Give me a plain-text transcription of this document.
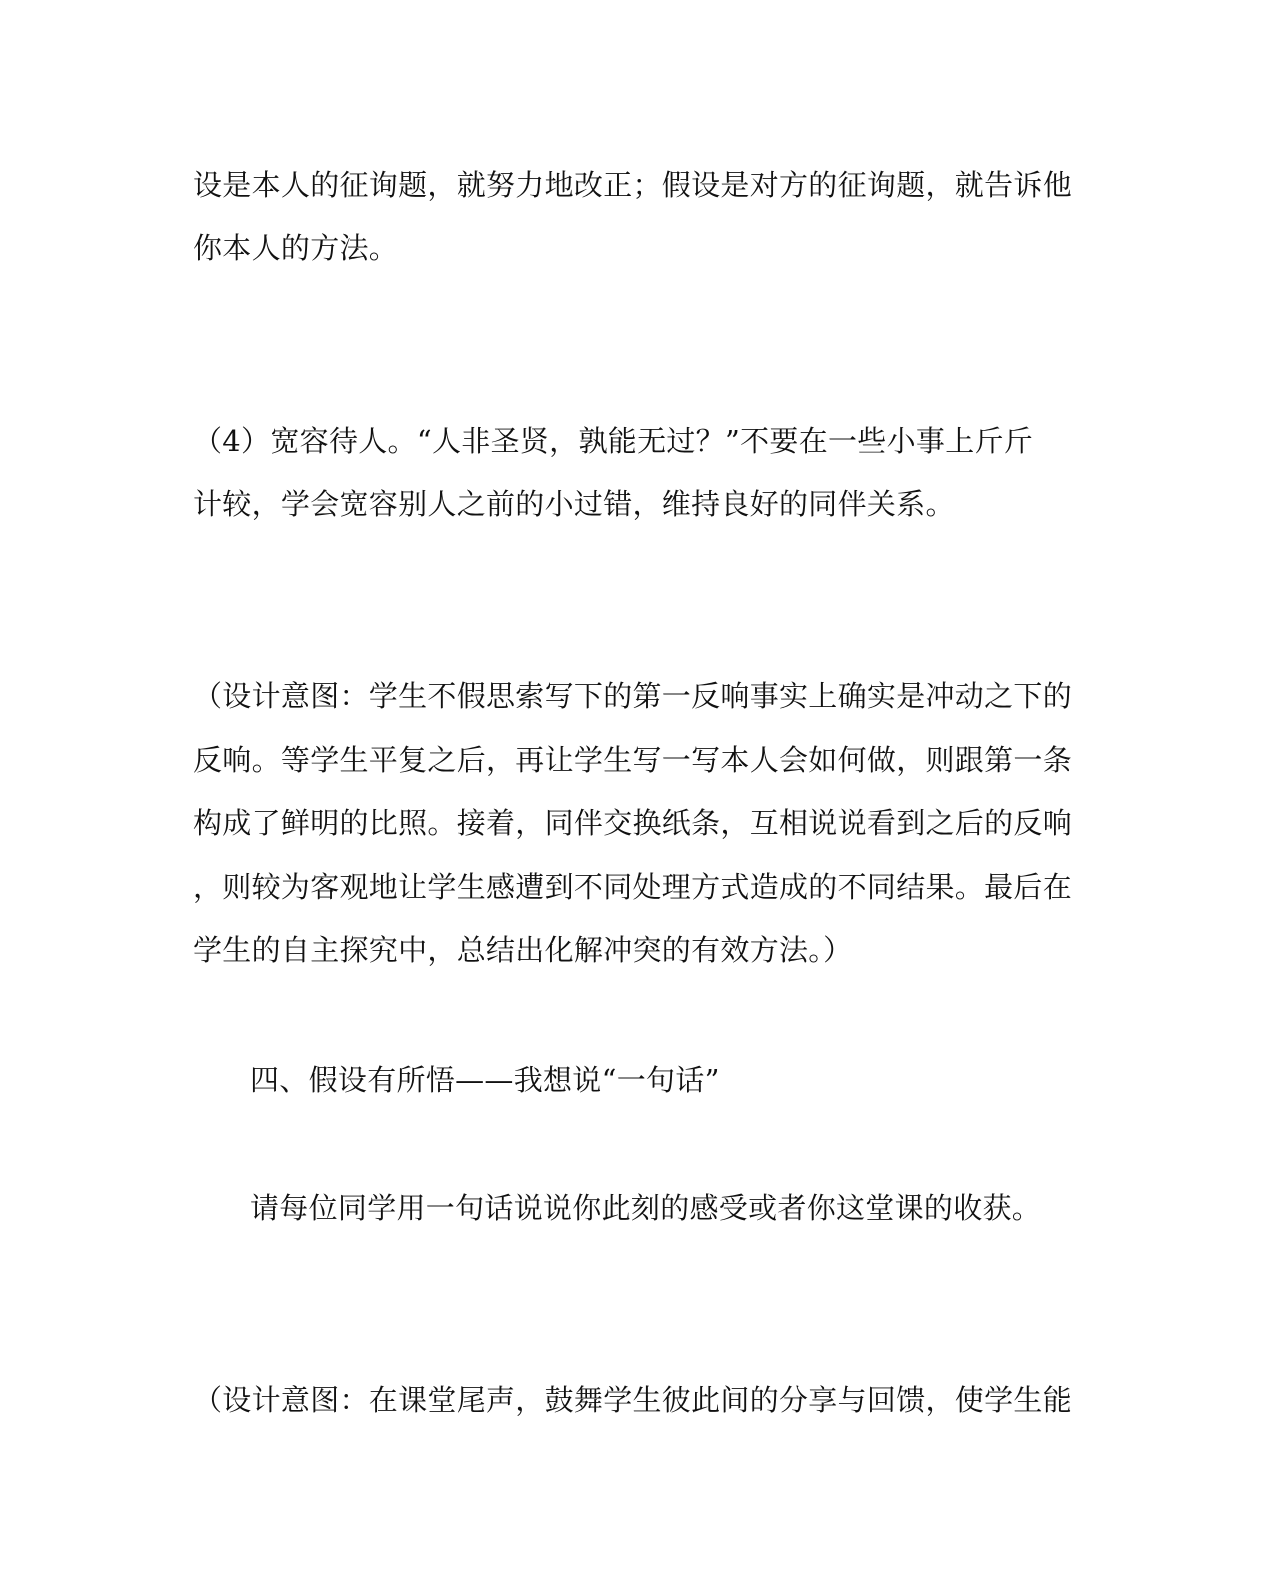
设是本人的征询题，就努力地改正；假设是对方的征询题，就告诉他
你本人的方法。
（4）宽容待人。“人非圣贤，孰能无过？”不要在一些小事上斤斤
计较，学会宽容别人之前的小过错，维持良好的同伴关系。
（设计意图：学生不假思索写下的第一反响事实上确实是冲动之下的
反响。等学生平复之后，再让学生写一写本人会如何做，则跟第一条
构成了鲜明的比照。接着，同伴交换纸条，互相说说看到之后的反响
，则较为客观地让学生感遭到不同处理方式造成的不同结果。最后在
学生的自主探究中，总结出化解冲突的有效方法。）
四、假设有所悟——我想说“一句话”
请每位同学用一句话说说你此刻的感受或者你这堂课的收获。
（设计意图：在课堂尾声，鼓舞学生彼此间的分享与回馈，使学生能
